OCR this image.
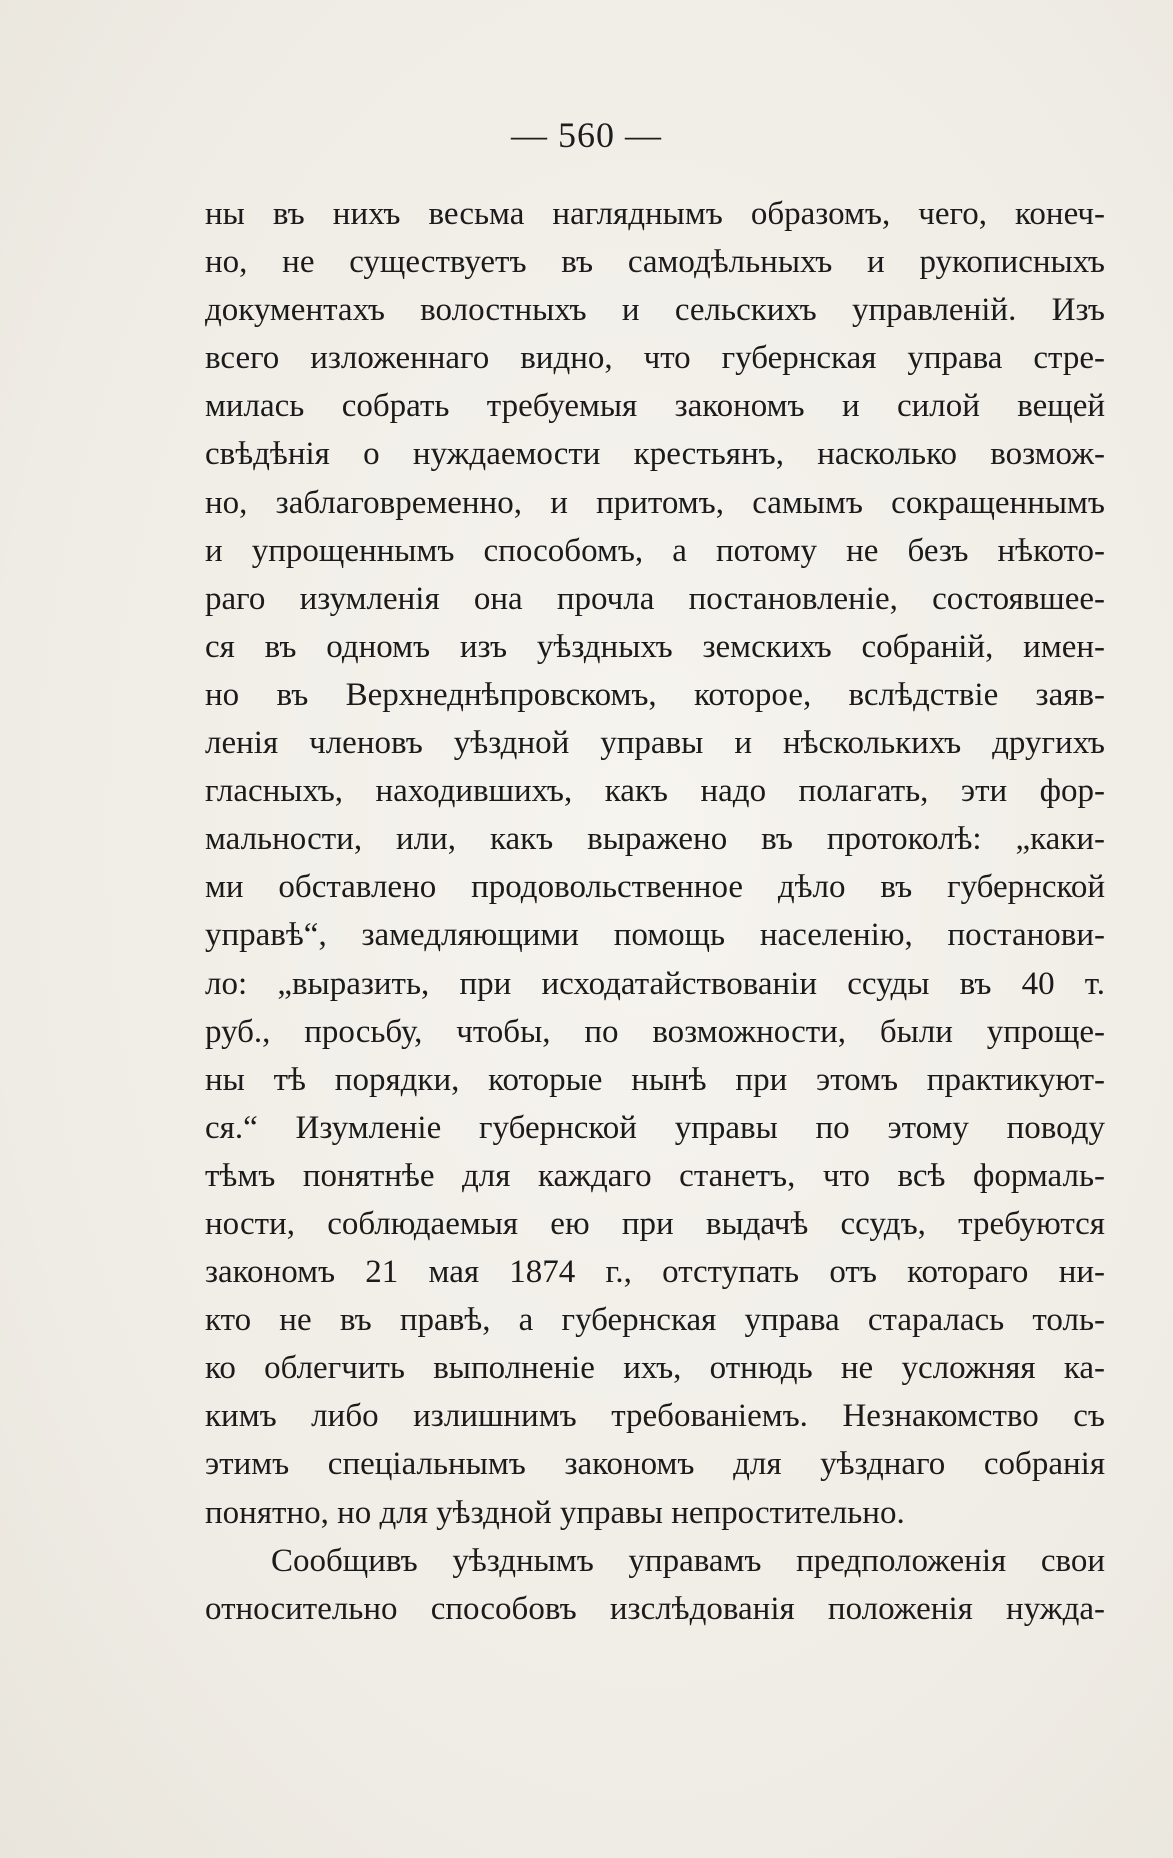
— 560 —
ны въ нихъ весьма нагляднымъ образомъ, чего, конеч-
но, не существуетъ въ самодѣльныхъ и рукописныхъ
документахъ волостныхъ и сельскихъ управленій. Изъ
всего изложеннаго видно, что губернская управа стре-
милась собрать требуемыя закономъ и силой вещей
свѣдѣнія о нуждаемости крестьянъ, насколько возмож-
но, заблаговременно, и притомъ, самымъ сокращеннымъ
и упрощеннымъ способомъ, а потому не безъ нѣкото-
раго изумленія она прочла постановленіе, состоявшее-
ся въ одномъ изъ уѣздныхъ земскихъ собраній, имен-
но въ Верхнеднѣпровскомъ, которое, вслѣдствіе заяв-
ленія членовъ уѣздной управы и нѣсколькихъ другихъ
гласныхъ, находившихъ, какъ надо полагать, эти фор-
мальности, или, какъ выражено въ протоколѣ: „каки-
ми обставлено продовольственное дѣло въ губернской
управѣ“, замедляющими помощь населенію, постанови-
ло: „выразить, при исходатайствованіи ссуды въ 40 т.
руб., просьбу, чтобы, по возможности, были упроще-
ны тѣ порядки, которые нынѣ при этомъ практикуют-
ся.“ Изумленіе губернской управы по этому поводу
тѣмъ понятнѣе для каждаго станетъ, что всѣ формаль-
ности, соблюдаемыя ею при выдачѣ ссудъ, требуются
закономъ 21 мая 1874 г., отступать отъ котораго ни-
кто не въ правѣ, а губернская управа старалась толь-
ко облегчить выполненіе ихъ, отнюдь не усложняя ка-
кимъ либо излишнимъ требованіемъ. Незнакомство съ
этимъ спеціальнымъ закономъ для уѣзднаго собранія
понятно, но для уѣздной управы непростительно.
Сообщивъ уѣзднымъ управамъ предположенія свои
относительно способовъ изслѣдованія положенія нужда-
